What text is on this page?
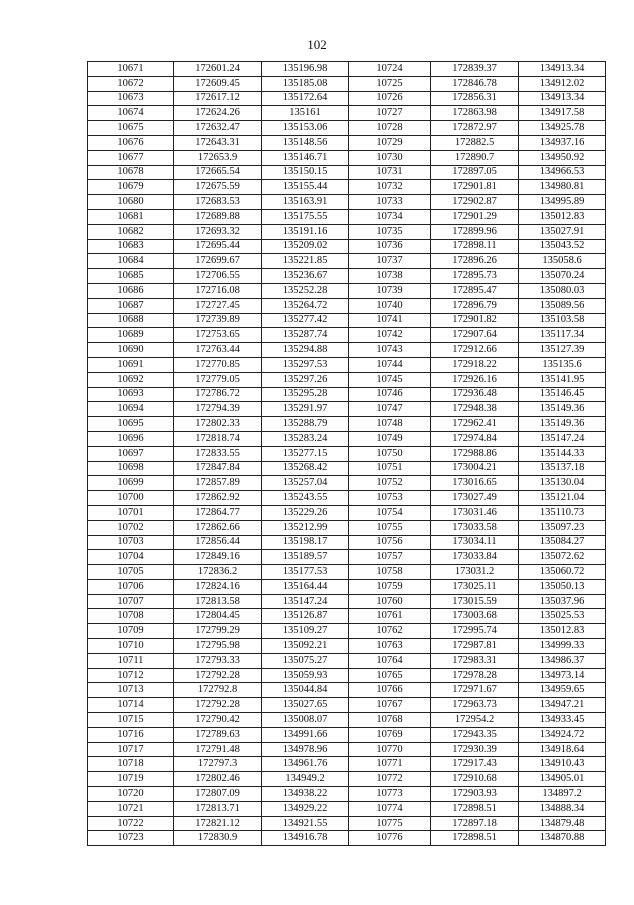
102
10671	172601.24	135196.98	10724	172839.37	134913.34
10672	172609.45	135185.08	10725	172846.78	134912.02
10673	172617.12	135172.64	10726	172856.31	134913.34
10674	172624.26	135161	10727	172863.98	134917.58
10675	172632.47	135153.06	10728	172872.97	134925.78
10676	172643.31	135148.56	10729	172882.5	134937.16
10677	172653.9	135146.71	10730	172890.7	134950.92
10678	172665.54	135150.15	10731	172897.05	134966.53
10679	172675.59	135155.44	10732	172901.81	134980.81
10680	172683.53	135163.91	10733	172902.87	134995.89
10681	172689.88	135175.55	10734	172901.29	135012.83
10682	172693.32	135191.16	10735	172899.96	135027.91
10683	172695.44	135209.02	10736	172898.11	135043.52
10684	172699.67	135221.85	10737	172896.26	135058.6
10685	172706.55	135236.67	10738	172895.73	135070.24
10686	172716.08	135252.28	10739	172895.47	135080.03
10687	172727.45	135264.72	10740	172896.79	135089.56
10688	172739.89	135277.42	10741	172901.82	135103.58
10689	172753.65	135287.74	10742	172907.64	135117.34
10690	172763.44	135294.88	10743	172912.66	135127.39
10691	172770.85	135297.53	10744	172918.22	135135.6
10692	172779.05	135297.26	10745	172926.16	135141.95
10693	172786.72	135295.28	10746	172936.48	135146.45
10694	172794.39	135291.97	10747	172948.38	135149.36
10695	172802.33	135288.79	10748	172962.41	135149.36
10696	172818.74	135283.24	10749	172974.84	135147.24
10697	172833.55	135277.15	10750	172988.86	135144.33
10698	172847.84	135268.42	10751	173004.21	135137.18
10699	172857.89	135257.04	10752	173016.65	135130.04
10700	172862.92	135243.55	10753	173027.49	135121.04
10701	172864.77	135229.26	10754	173031.46	135110.73
10702	172862.66	135212.99	10755	173033.58	135097.23
10703	172856.44	135198.17	10756	173034.11	135084.27
10704	172849.16	135189.57	10757	173033.84	135072.62
10705	172836.2	135177.53	10758	173031.2	135060.72
10706	172824.16	135164.44	10759	173025.11	135050.13
10707	172813.58	135147.24	10760	173015.59	135037.96
10708	172804.45	135126.87	10761	173003.68	135025.53
10709	172799.29	135109.27	10762	172995.74	135012.83
10710	172795.98	135092.21	10763	172987.81	134999.33
10711	172793.33	135075.27	10764	172983.31	134986.37
10712	172792.28	135059.93	10765	172978.28	134973.14
10713	172792.8	135044.84	10766	172971.67	134959.65
10714	172792.28	135027.65	10767	172963.73	134947.21
10715	172790.42	135008.07	10768	172954.2	134933.45
10716	172789.63	134991.66	10769	172943.35	134924.72
10717	172791.48	134978.96	10770	172930.39	134918.64
10718	172797.3	134961.76	10771	172917.43	134910.43
10719	172802.46	134949.2	10772	172910.68	134905.01
10720	172807.09	134938.22	10773	172903.93	134897.2
10721	172813.71	134929.22	10774	172898.51	134888.34
10722	172821.12	134921.55	10775	172897.18	134879.48
10723	172830.9	134916.78	10776	172898.51	134870.88
